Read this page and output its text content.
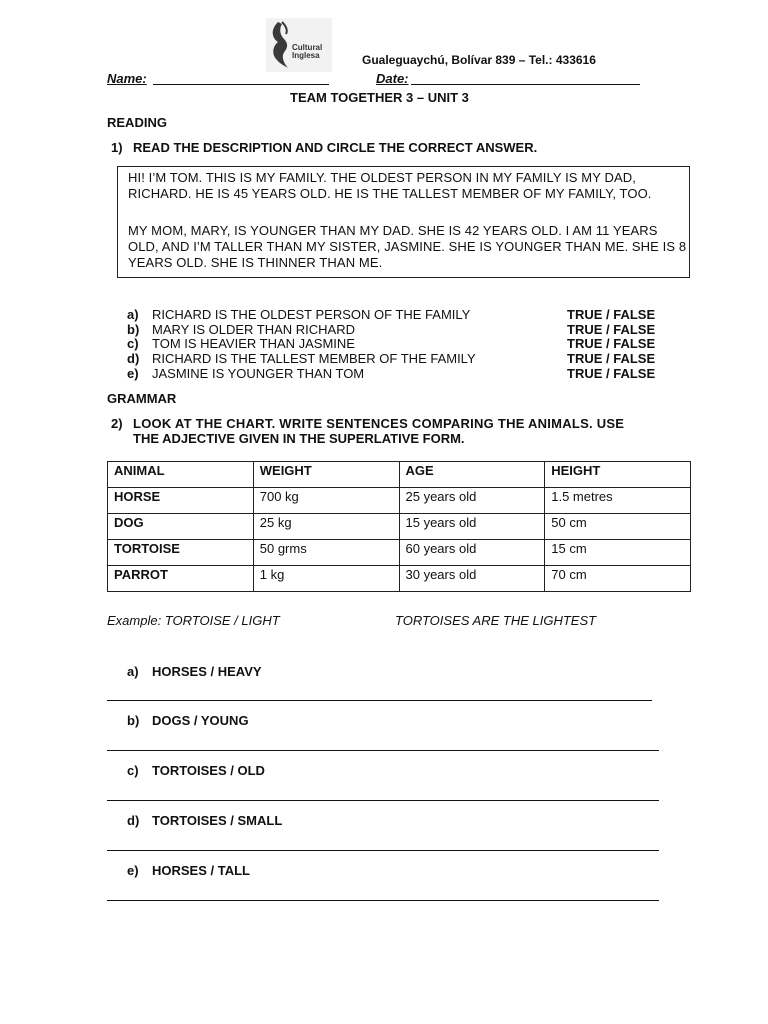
Cultural
Inglesa	Gualeguaychú, Bolívar 839 – Tel.: 433616
Name:	Date:
TEAM TOGETHER 3 – UNIT 3
READING
1) READ THE DESCRIPTION AND CIRCLE THE CORRECT ANSWER.

HI! I’M TOM. THIS IS MY FAMILY. THE OLDEST PERSON IN MY FAMILY IS MY DAD, RICHARD. HE IS 45 YEARS OLD. HE IS THE TALLEST MEMBER OF MY FAMILY, TOO.

MY MOM, MARY, IS YOUNGER THAN MY DAD. SHE IS 42 YEARS OLD. I AM 11 YEARS OLD, AND I’M TALLER THAN MY SISTER, JASMINE. SHE IS YOUNGER THAN ME. SHE IS 8 YEARS OLD. SHE IS THINNER THAN ME.

a)	RICHARD IS THE OLDEST PERSON OF THE FAMILY	TRUE / FALSE
b) MARY IS OLDER THAN RICHARD	TRUE / FALSE
c)	TOM IS HEAVIER THAN JASMINE	TRUE / FALSE
d) RICHARD IS THE TALLEST MEMBER OF THE FAMILY	TRUE / FALSE
e)	JASMINE IS YOUNGER THAN TOM	TRUE / FALSE
GRAMMAR
2) LOOK AT THE CHART. WRITE SENTENCES COMPARING THE ANIMALS. USE
THE ADJECTIVE GIVEN IN THE SUPERLATIVE FORM.
ANIMAL	WEIGHT	AGE	HEIGHT
HORSE	700 kg	25 years old	1.5 metres
DOG	25 kg	15 years old	50 cm
TORTOISE	50 grms	60 years old	15 cm
PARROT	1 kg	30 years old	70 cm
Example: TORTOISE / LIGHT	TORTOISES ARE THE LIGHTEST
a) HORSES / HEAVY
b) DOGS / YOUNG
c) TORTOISES / OLD
d) TORTOISES / SMALL
e) HORSES / TALL
